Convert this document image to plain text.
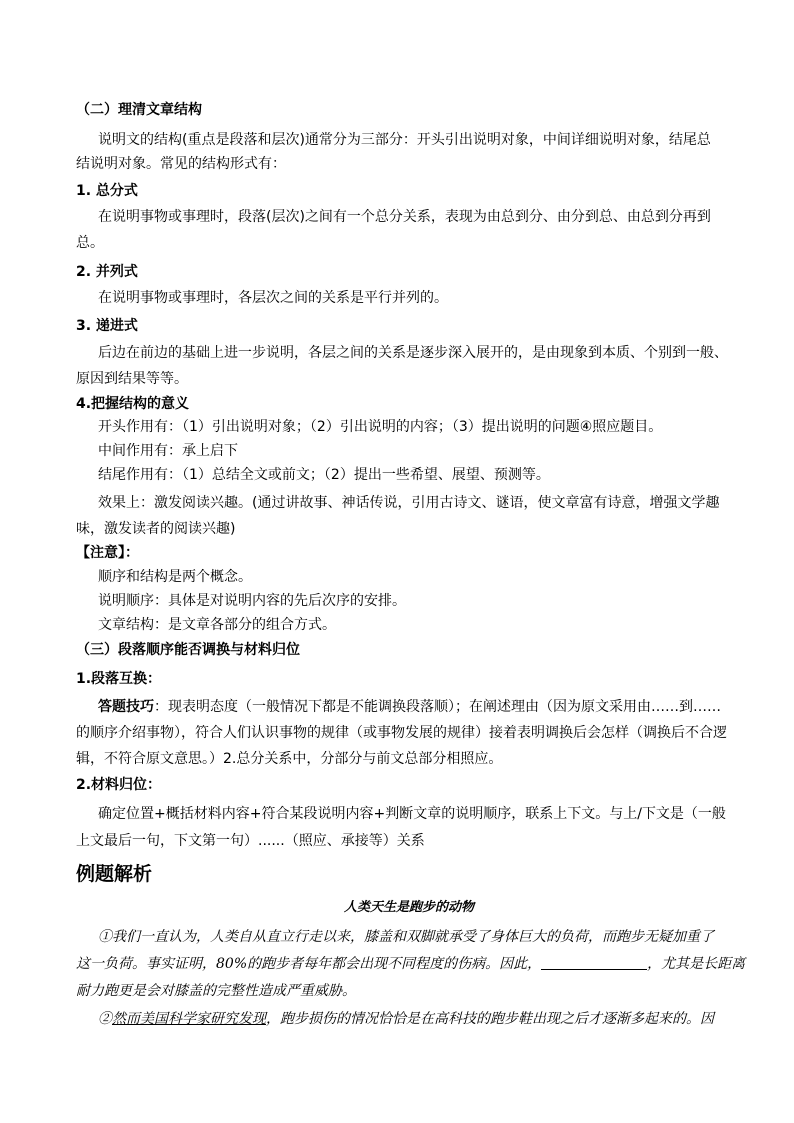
（二）理清文章结构
说明文的结构(重点是段落和层次)通常分为三部分：开头引出说明对象，中间详细说明对象，结尾总
结说明对象。常见的结构形式有：
1. 总分式
在说明事物或事理时，段落(层次)之间有一个总分关系，表现为由总到分、由分到总、由总到分再到
总。
2. 并列式
在说明事物或事理时，各层次之间的关系是平行并列的。
3. 递进式
后边在前边的基础上进一步说明，各层之间的关系是逐步深入展开的，是由现象到本质、个别到一般、
原因到结果等等。
4.把握结构的意义
开头作用有：（1）引出说明对象；（2）引出说明的内容；（3）提出说明的问题④照应题目。
中间作用有：承上启下
结尾作用有：（1）总结全文或前文；（2）提出一些希望、展望、预测等。
效果上：激发阅读兴趣。(通过讲故事、神话传说，引用古诗文、谜语，使文章富有诗意，增强文学趣
味，激发读者的阅读兴趣)
【注意】：
顺序和结构是两个概念。
说明顺序：具体是对说明内容的先后次序的安排。
文章结构：是文章各部分的组合方式。
（三）段落顺序能否调换与材料归位
1.段落互换：
答题技巧：现表明态度（一般情况下都是不能调换段落顺）；在阐述理由（因为原文采用由……到……
的顺序介绍事物），符合人们认识事物的规律（或事物发展的规律）接着表明调换后会怎样（调换后不合逻
辑，不符合原文意思。）2.总分关系中，分部分与前文总部分相照应。
2.材料归位：
确定位置+概括材料内容+符合某段说明内容+判断文章的说明顺序，联系上下文。与上/下文是（一般
上文最后一句，下文第一句）......（照应、承接等）关系
例题解析
人类天生是跑步的动物
①我们一直认为，人类自从直立行走以来，膝盖和双脚就承受了身体巨大的负荷，而跑步无疑加重了
这一负荷。事实证明，80%的跑步者每年都会出现不同程度的伤病。因此，	，尤其是长距离
耐力跑更是会对膝盖的完整性造成严重威胁。
②然而美国科学家研究发现，跑步损伤的情况恰恰是在高科技的跑步鞋出现之后才逐渐多起来的。因
